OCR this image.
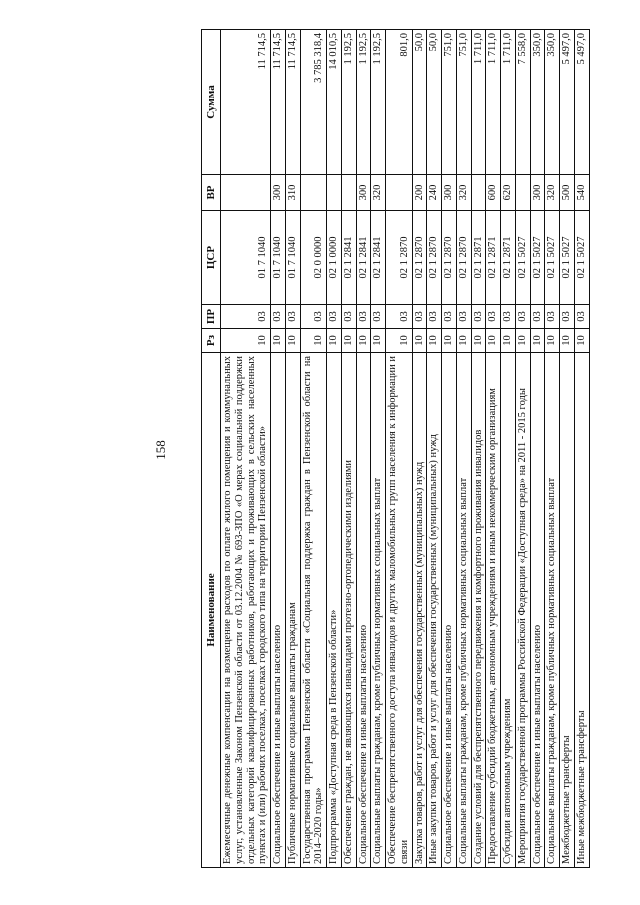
158
Наименование	Рз	ПР	ЦСР	ВР	Сумма
Ежемесячные денежные компенсации на возмещение расходов по оплате жилого помещения и коммунальных услуг, установленные Законом Пензенской области от 03.12.2004 № 693-ЗПО «О мерах социальной поддержки отдельных категорий квалифицированных работников, работающих и проживающих в сельских населенных пунктах и (или) рабочих поселках, поселках городского типа на территории Пензенской области»	10	03	01 7 1040		11 714,5
Социальное обеспечение и иные выплаты населению	10	03	01 7 1040	300	11 714,5
Публичные нормативные социальные выплаты гражданам	10	03	01 7 1040	310	11 714,5
Государственная программа Пензенской области «Социальная поддержка граждан в Пензенской области на 2014–2020 годы»	10	03	02 0 0000		3 785 318,4
Подпрограмма «Доступная среда в Пензенской области»	10	03	02 1 0000		14 010,5
Обеспечение граждан, не являющихся инвалидами протезно-ортопедическими изделиями	10	03	02 1 2841		1 192,5
Социальное обеспечение и иные выплаты населению	10	03	02 1 2841	300	1 192,5
Социальные выплаты гражданам, кроме публичных нормативных социальных выплат	10	03	02 1 2841	320	1 192,5
Обеспечение беспрепятственного доступа инвалидов и других маломобильных групп населения к информации и связи	10	03	02 1 2870		801,0
Закупка товаров, работ и услуг для обеспечения государственных (муниципальных) нужд	10	03	02 1 2870	200	50,0
Иные закупки товаров, работ и услуг для обеспечения государственных (муниципальных) нужд	10	03	02 1 2870	240	50,0
Социальное обеспечение и иные выплаты населению	10	03	02 1 2870	300	751,0
Социальные выплаты гражданам, кроме публичных нормативных социальных выплат	10	03	02 1 2870	320	751,0
Создание условий для беспрепятственного передвижения и комфортного проживания инвалидов	10	03	02 1 2871		1 711,0
Предоставление субсидий бюджетным, автономным учреждениям и иным некоммерческим организациям	10	03	02 1 2871	600	1 711,0
Субсидии автономным учреждениям	10	03	02 1 2871	620	1 711,0
Мероприятия государственной программы Российской Федерации «Доступная среда» на 2011 - 2015 годы	10	03	02 1 5027		7 558,0
Социальное обеспечение и иные выплаты населению	10	03	02 1 5027	300	350,0
Социальные выплаты гражданам, кроме публичных нормативных социальных выплат	10	03	02 1 5027	320	350,0
Межбюджетные трансферты	10	03	02 1 5027	500	5 497,0
Иные межбюджетные трансферты	10	03	02 1 5027	540	5 497,0
